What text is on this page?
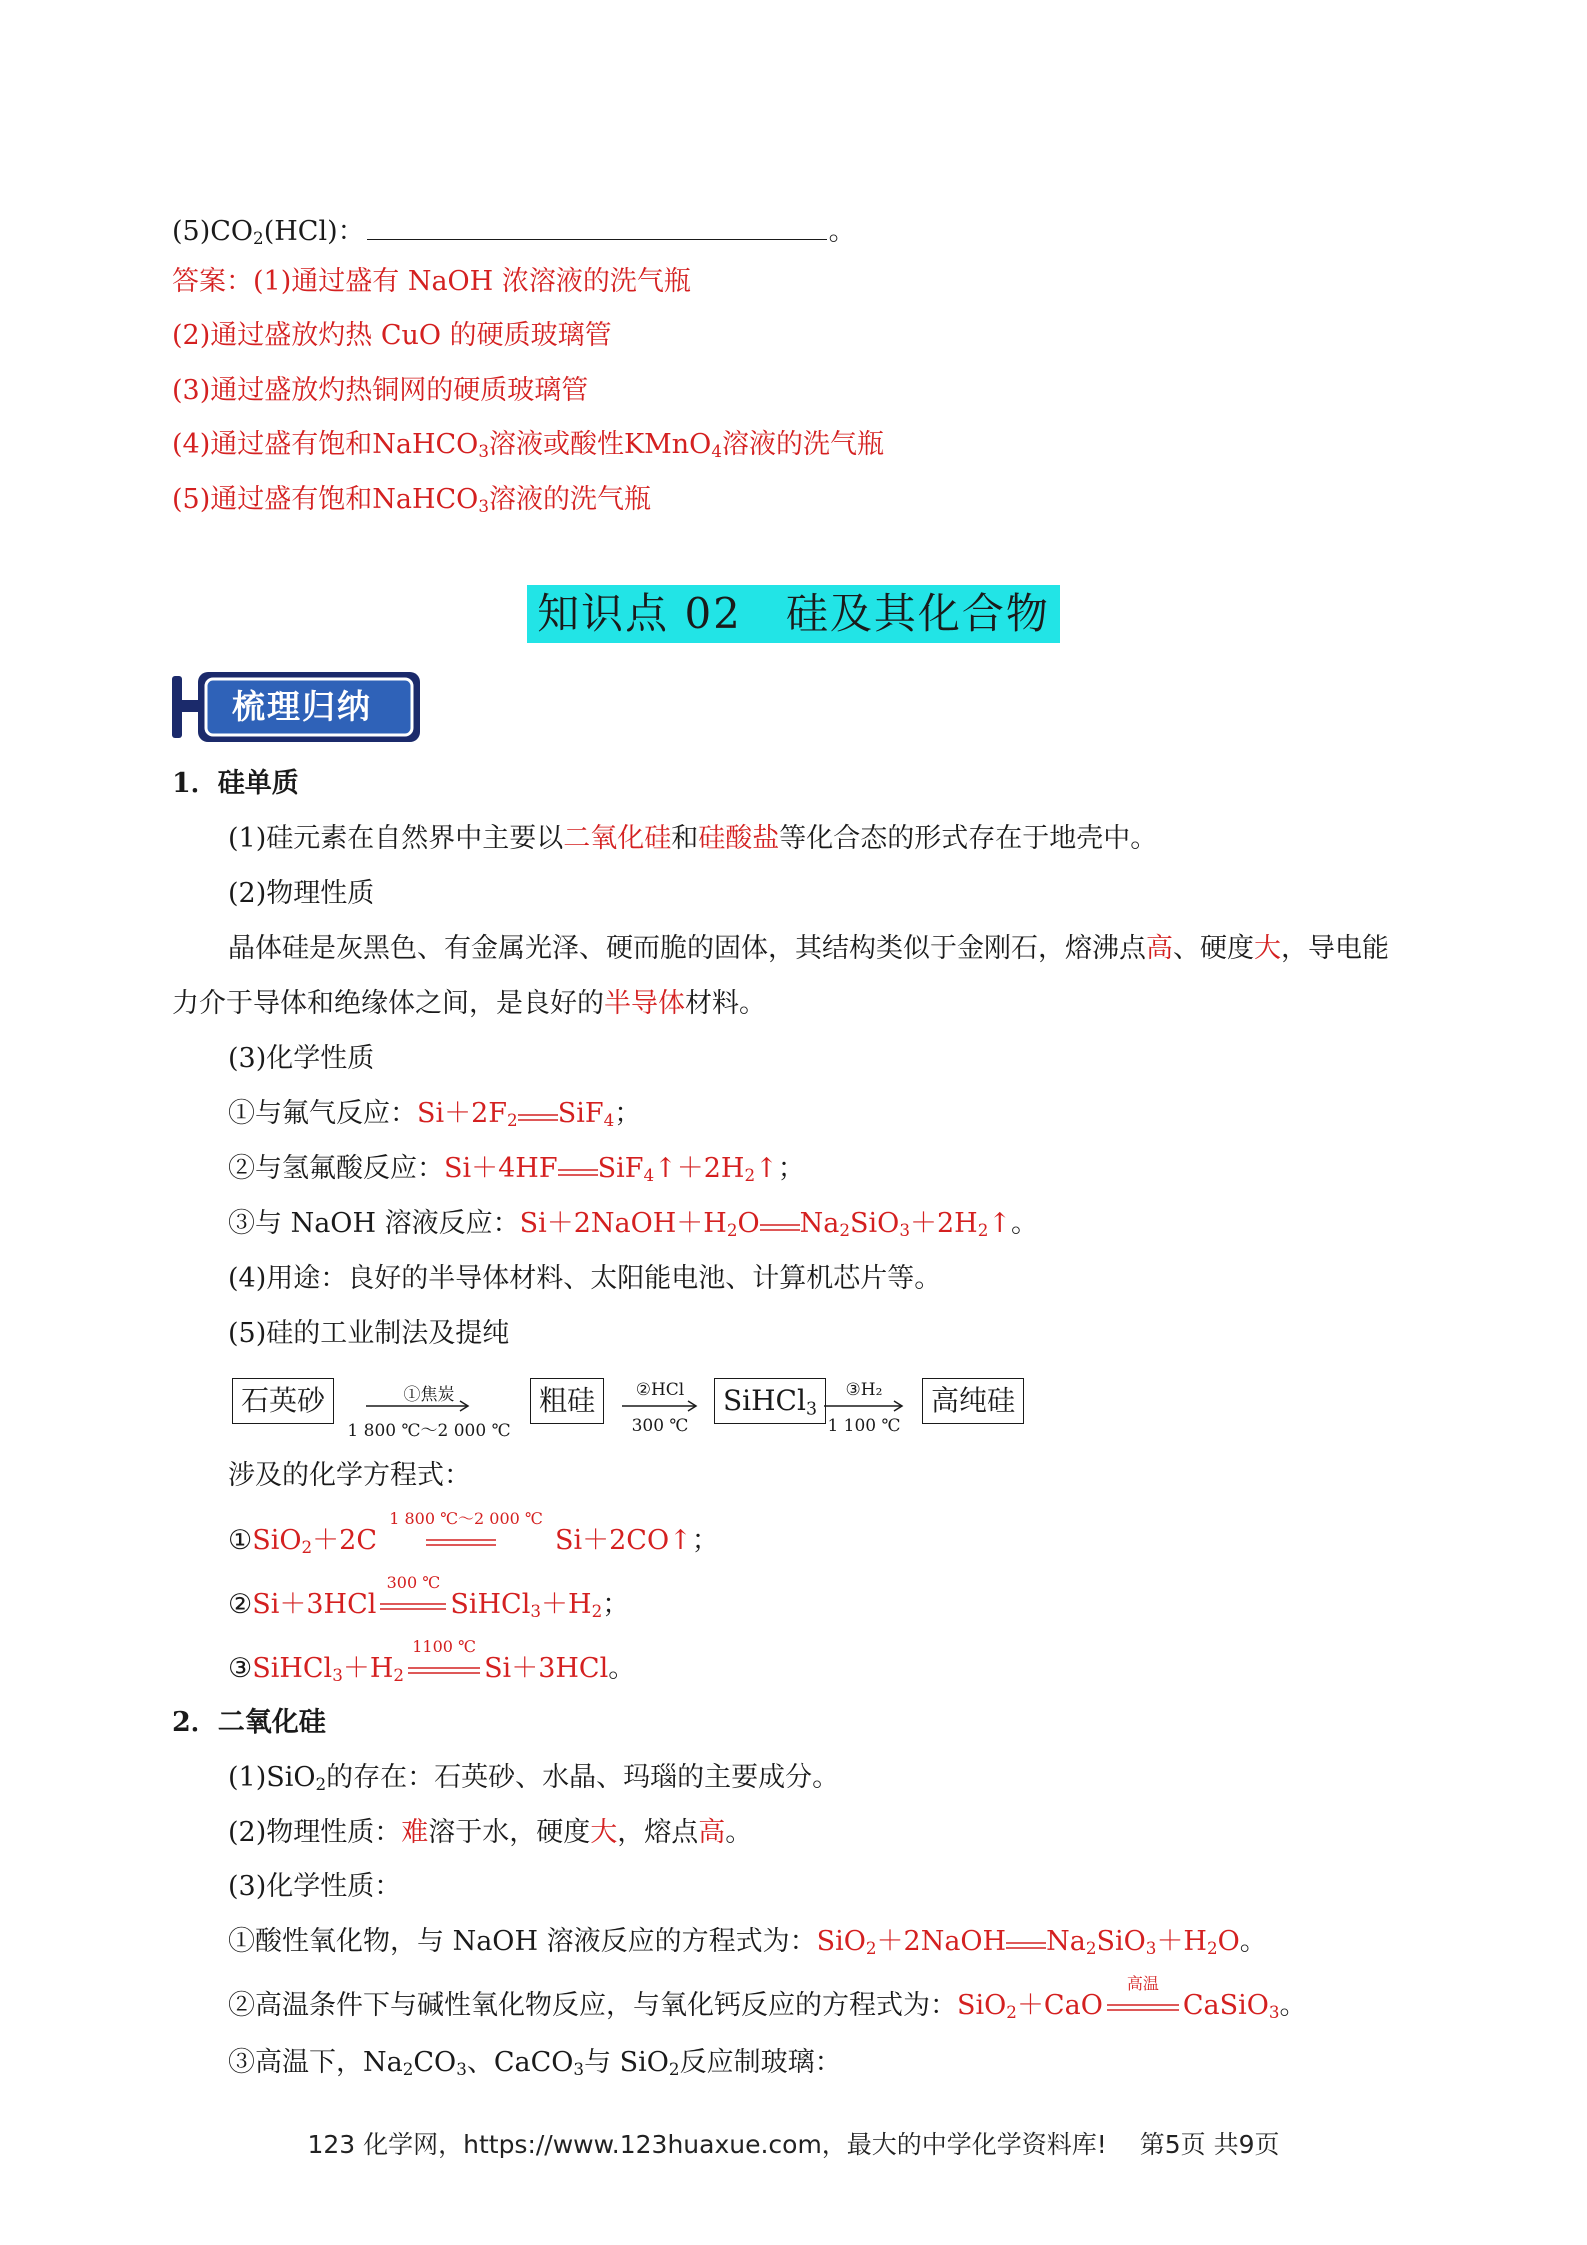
$(5)CO_2(HCl)$：	。
答案：(1)通过盛有 NaOH 浓溶液的洗气瓶
(2)通过盛放灼热 CuO 的硬质玻璃管
(3)通过盛放灼热铜网的硬质玻璃管
(4)通过盛有饱和NaHCO$_3$溶液或酸性KMnO$_4$溶液的洗气瓶
(5)通过盛有饱和NaHCO$_3$溶液的洗气瓶
知识点 02　硅及其化合物
梳理归纳
1．硅单质
(1)硅元素在自然界中主要以二氧化硅和硅酸盐等化合态的形式存在于地壳中。
(2)物理性质
晶体硅是灰黑色、有金属光泽、硬而脆的固体，其结构类似于金刚石，熔沸点高、硬度大，导电能
力介于导体和绝缘体之间，是良好的半导体材料。
(3)化学性质
①与氟气反应：$Si+2F_2$ SiF$_4$；
②与氢氟酸反应：Si＋4HF $SiF_4↑+2H_2↑$；
③与 NaOH 溶液反应：$Si+2NaOH+H_2O$ $Na_2SiO_3+2H_2↑$。
(4)用途：良好的半导体材料、太阳能电池、计算机芯片等。
(5)硅的工业制法及提纯
石英砂	①焦炭
1 800 ℃～2 000 ℃
粗硅	②HCl
300 ℃
SiHCl$_3$
③H₂
1 100 ℃
高纯硅
涉及的化学方程式：
①SiO$_2$＋2C
1 800 ℃～2 000 ℃
Si＋2CO↑；
②Si＋3HCl
300 ℃
$SiHCl_3+H_2$；
$③SiHCl_3+H_2$
1100 ℃
Si＋3HCl。
2．二氧化硅
(1)SiO$_2$的存在：石英砂、水晶、玛瑙的主要成分。
(2)物理性质：难溶于水，硬度大，熔点高。
(3)化学性质：
①酸性氧化物，与 NaOH 溶液反应的方程式为：SiO$_2$＋2NaOH $Na_2SiO_3+H_2O$。
②高温条件下与碱性氧化物反应，与氧化钙反应的方程式为：SiO$_2$＋CaO
高温
CaSiO$_3$。
③高温下，$Na_2CO_3$、CaCO$_3$与 SiO$_2$反应制玻璃：
123 化学网，https://www.123huaxue.com，最大的中学化学资料库!　 第5页 共9页
